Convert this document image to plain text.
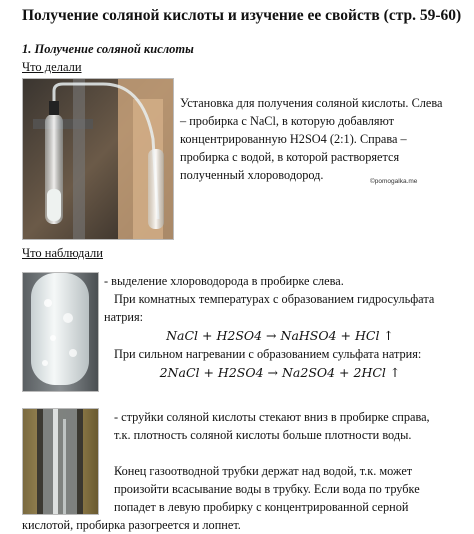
Получение соляной кислоты и изучение ее свойств (стр. 59-60)
1. Получение соляной кислоты
Что делали
Установка для получения соляной кислоты. Слева
– пробирка с NaCl, в которую добавляют
концентрированную H2SO4 (2:1). Справа –
пробирка с водой, в которой растворяется
полученный хлороводород.	©pomogalka.me
Что наблюдали
- выделение хлороводорода в пробирке слева.
При комнатных температурах с образованием гидросульфата
натрия:
NaCl + H2SO4 → NaHSO4 + HCl ↑
При сильном нагревании с образованием сульфата натрия:
2NaCl + H2SO4 → Na2SO4 + 2HCl ↑
- струйки соляной кислоты стекают вниз в пробирке справа,
т.к. плотность соляной кислоты больше плотности воды.
Конец газоотводной трубки держат над водой, т.к. может
произойти всасывание воды в трубку. Если вода по трубке
попадет в левую пробирку с концентрированной серной
кислотой, пробирка разогреется и лопнет.
